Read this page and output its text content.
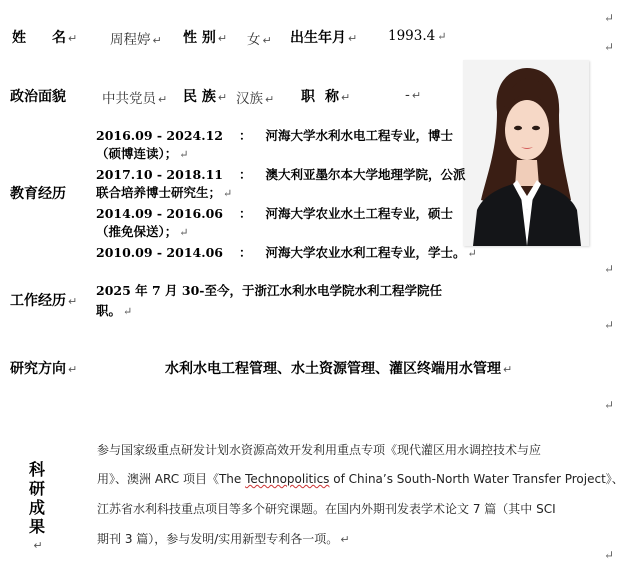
姓名 ↵ 周程婷 ↵ 性 别 ↵ 女 ↵ 出生年月 ↵ 1993.4 ↵
↵
↵
政治面貌	中共党员 ↵ 民 族 ↵ 汉族 ↵ 职称 ↵	- ↵
教育经历
2016.09 - 2024.12 ： 河海大学水利水电工程专业，博士
（硕博连读）； ↵
2017.10 - 2018.11 ： 澳大利亚墨尔本大学地理学院，公派
联合培养博士研究生； ↵
2014.09 - 2016.06 ： 河海大学农业水土工程专业，硕士
（推免保送）； ↵
2010.09 - 2014.06 ： 河海大学农业水利工程专业，学士。 ↵
↵
工作经历 ↵
2025 年 7 月 30-至今，于浙江水利水电学院水利工程学院任
职。 ↵
↵
研究方向 ↵	水利水电工程管理、水土资源管理、灌区终端用水管理 ↵
↵
科研成果
↵
参与国家级重点研发计划水资源高效开发利用重点专项《现代灌区用水调控技术与应
用》、澳洲 ARC 项目《The Technopolitics of China’s South-North Water Transfer Project》、
江苏省水利科技重点项目等多个研究课题。在国内外期刊发表学术论文 7 篇（其中 SCI
期刊 3 篇），参与发明/实用新型专利各一项。 ↵
↵
